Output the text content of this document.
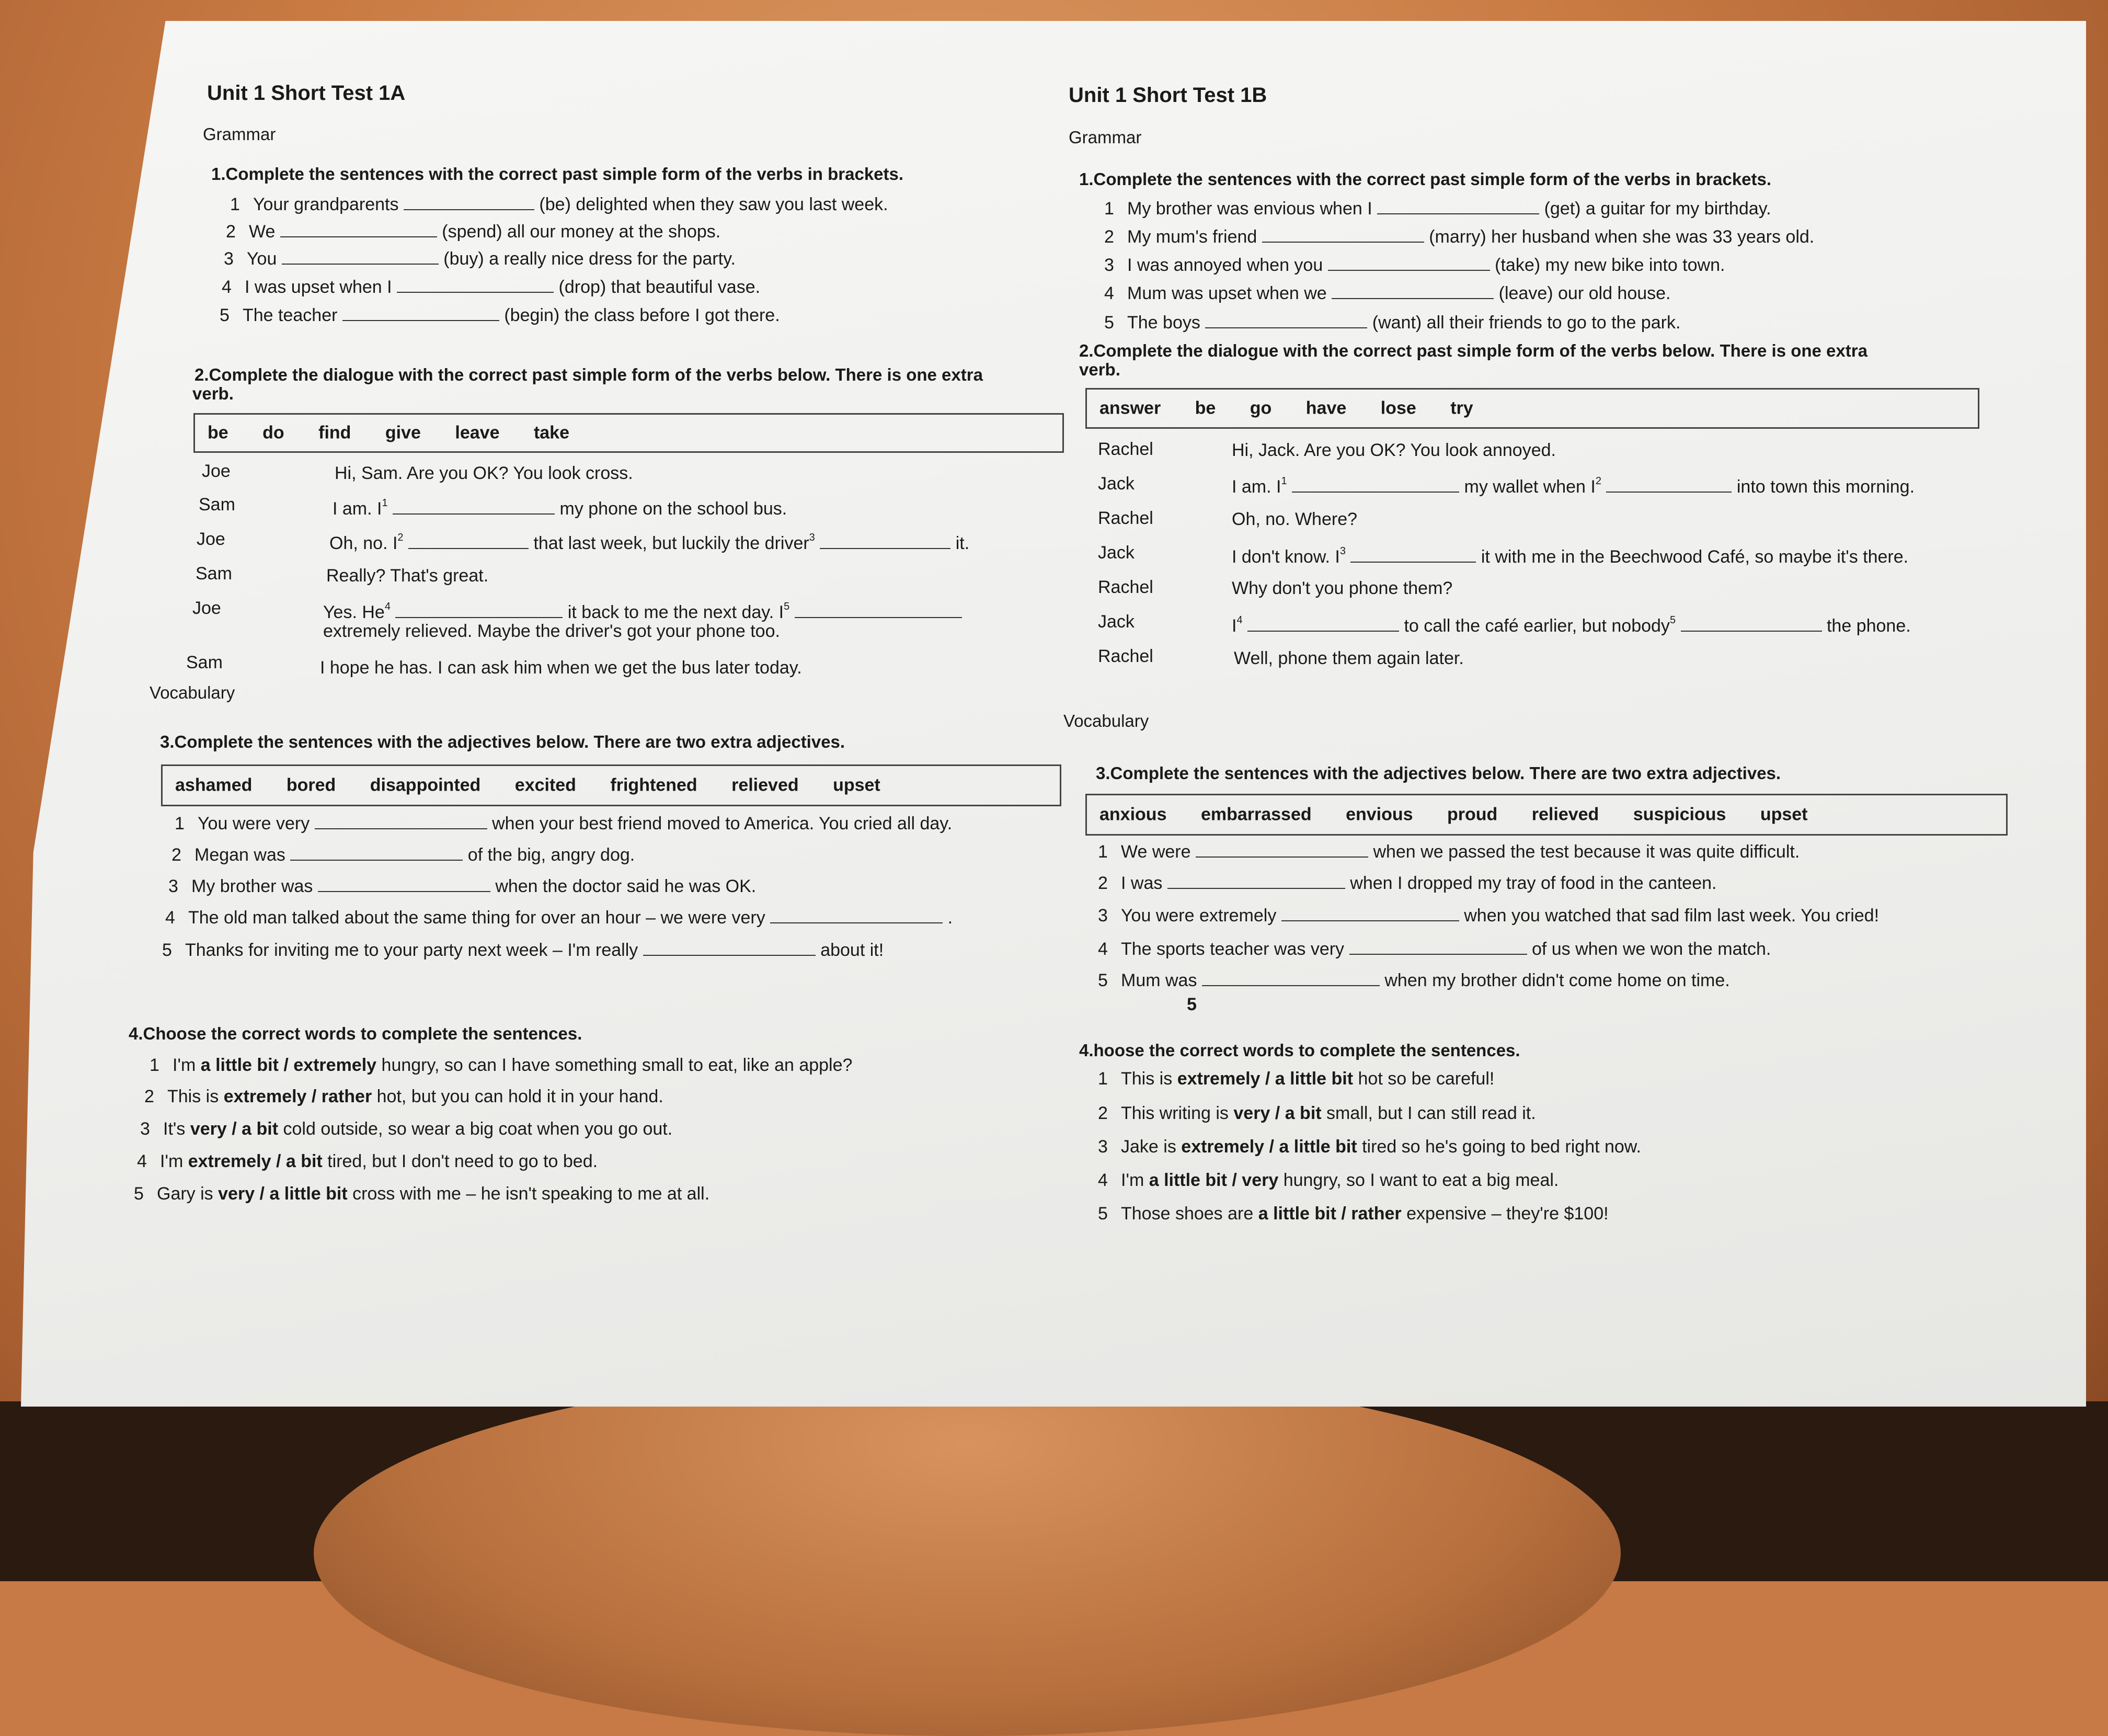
Unit 1 Short Test 1A
Grammar
1.Complete the sentences with the correct past simple form of the verbs in brackets.
1 Your grandparents	(be) delighted when they saw you last week.
2 We	(spend) all our money at the shops.
3 You	(buy) a really nice dress for the party.
4 I was upset when I	(drop) that beautiful vase.
5 The teacher	(begin) the class before I got there.
2.Complete the dialogue with the correct past simple form of the verbs below. There is one extra
verb.
be do find give leave take
Joe	Hi, Sam. Are you OK? You look cross.
Sam	I am. $I^1$	my phone on the school bus.
Joe	Oh, no. $I^2$	that last week, but luckily the driver$^3$	it.
Sam	Really? That's great.
Joe	Yes. He$^4$	it back to me the next day. $I^5$
extremely relieved. Maybe the driver's got your phone too.
Sam	I hope he has. I can ask him when we get the bus later today.
Vocabulary
3.Complete the sentences with the adjectives below. There are two extra adjectives.
ashamed bored disappointed excited frightened relieved upset
1 You were very	when your best friend moved to America. You cried all day.
2 Megan was	of the big, angry dog.
3 My brother was	when the doctor said he was OK.
4 The old man talked about the same thing for over an hour – we were very	.
5 Thanks for inviting me to your party next week – I'm really	about it!
4.Choose the correct words to complete the sentences.
1 I'm a little bit / extremely hungry, so can I have something small to eat, like an apple?
2 This is extremely / rather hot, but you can hold it in your hand.
3 It's very / a bit cold outside, so wear a big coat when you go out.
4 I'm extremely / a bit tired, but I don't need to go to bed.
5 Gary is very / a little bit cross with me – he isn't speaking to me at all.
Unit 1 Short Test 1B
Grammar
1.Complete the sentences with the correct past simple form of the verbs in brackets.
1 My brother was envious when I	(get) a guitar for my birthday.
2 My mum's friend	(marry) her husband when she was 33 years old.
3 I was annoyed when you	(take) my new bike into town.
4 Mum was upset when we	(leave) our old house.
5 The boys	(want) all their friends to go to the park.
2.Complete the dialogue with the correct past simple form of the verbs below. There is one extra
verb.
answer be go have lose try
Rachel	Hi, Jack. Are you OK? You look annoyed.
Jack	I am. $I^1$	my wallet when $I^2$	into town this morning.
Rachel	Oh, no. Where?
Jack	I don't know. $I^3$	it with me in the Beechwood Café, so maybe it's there.
Rachel	Why don't you phone them?
Jack	$I^4$	to call the café earlier, but nobody$^5$	the phone.
Rachel	Well, phone them again later.
Vocabulary
3.Complete the sentences with the adjectives below. There are two extra adjectives.
anxious embarrassed envious proud relieved suspicious upset
1 We were	when we passed the test because it was quite difficult.
2 I was	when I dropped my tray of food in the canteen.
3 You were extremely	when you watched that sad film last week. You cried!
4 The sports teacher was very	of us when we won the match.
5 Mum was	when my brother didn't come home on time.
5
4.hoose the correct words to complete the sentences.
1 This is extremely / a little bit hot so be careful!
2 This writing is very / a bit small, but I can still read it.
3 Jake is extremely / a little bit tired so he's going to bed right now.
4 I'm a little bit / very hungry, so I want to eat a big meal.
5 Those shoes are a little bit / rather expensive – they're $100!
